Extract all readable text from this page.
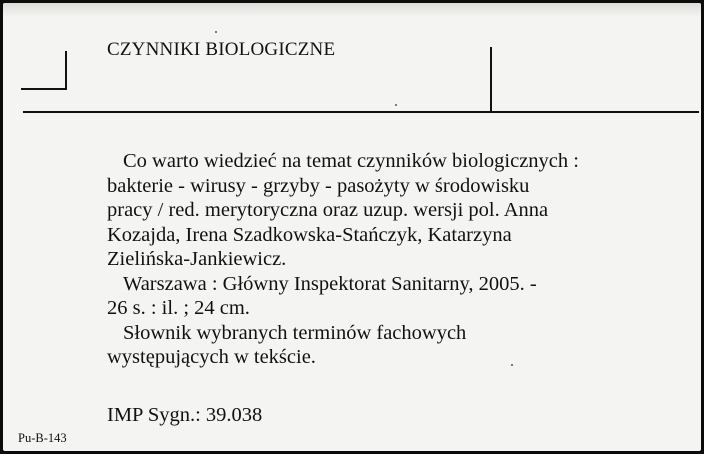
CZYNNIKI BIOLOGICZNE
Co warto wiedzieć na temat czynników biologicznych :
bakterie - wirusy - grzyby - pasożyty w środowisku
pracy / red. merytoryczna oraz uzup. wersji pol. Anna
Kozajda, Irena Szadkowska-Stańczyk, Katarzyna
Zielińska-Jankiewicz.
Warszawa : Główny Inspektorat Sanitarny, 2005. -
26 s. : il. ; 24 cm.
Słownik wybranych terminów fachowych
występujących w tekście.
IMP Sygn.: 39.038
Pu-B-143
